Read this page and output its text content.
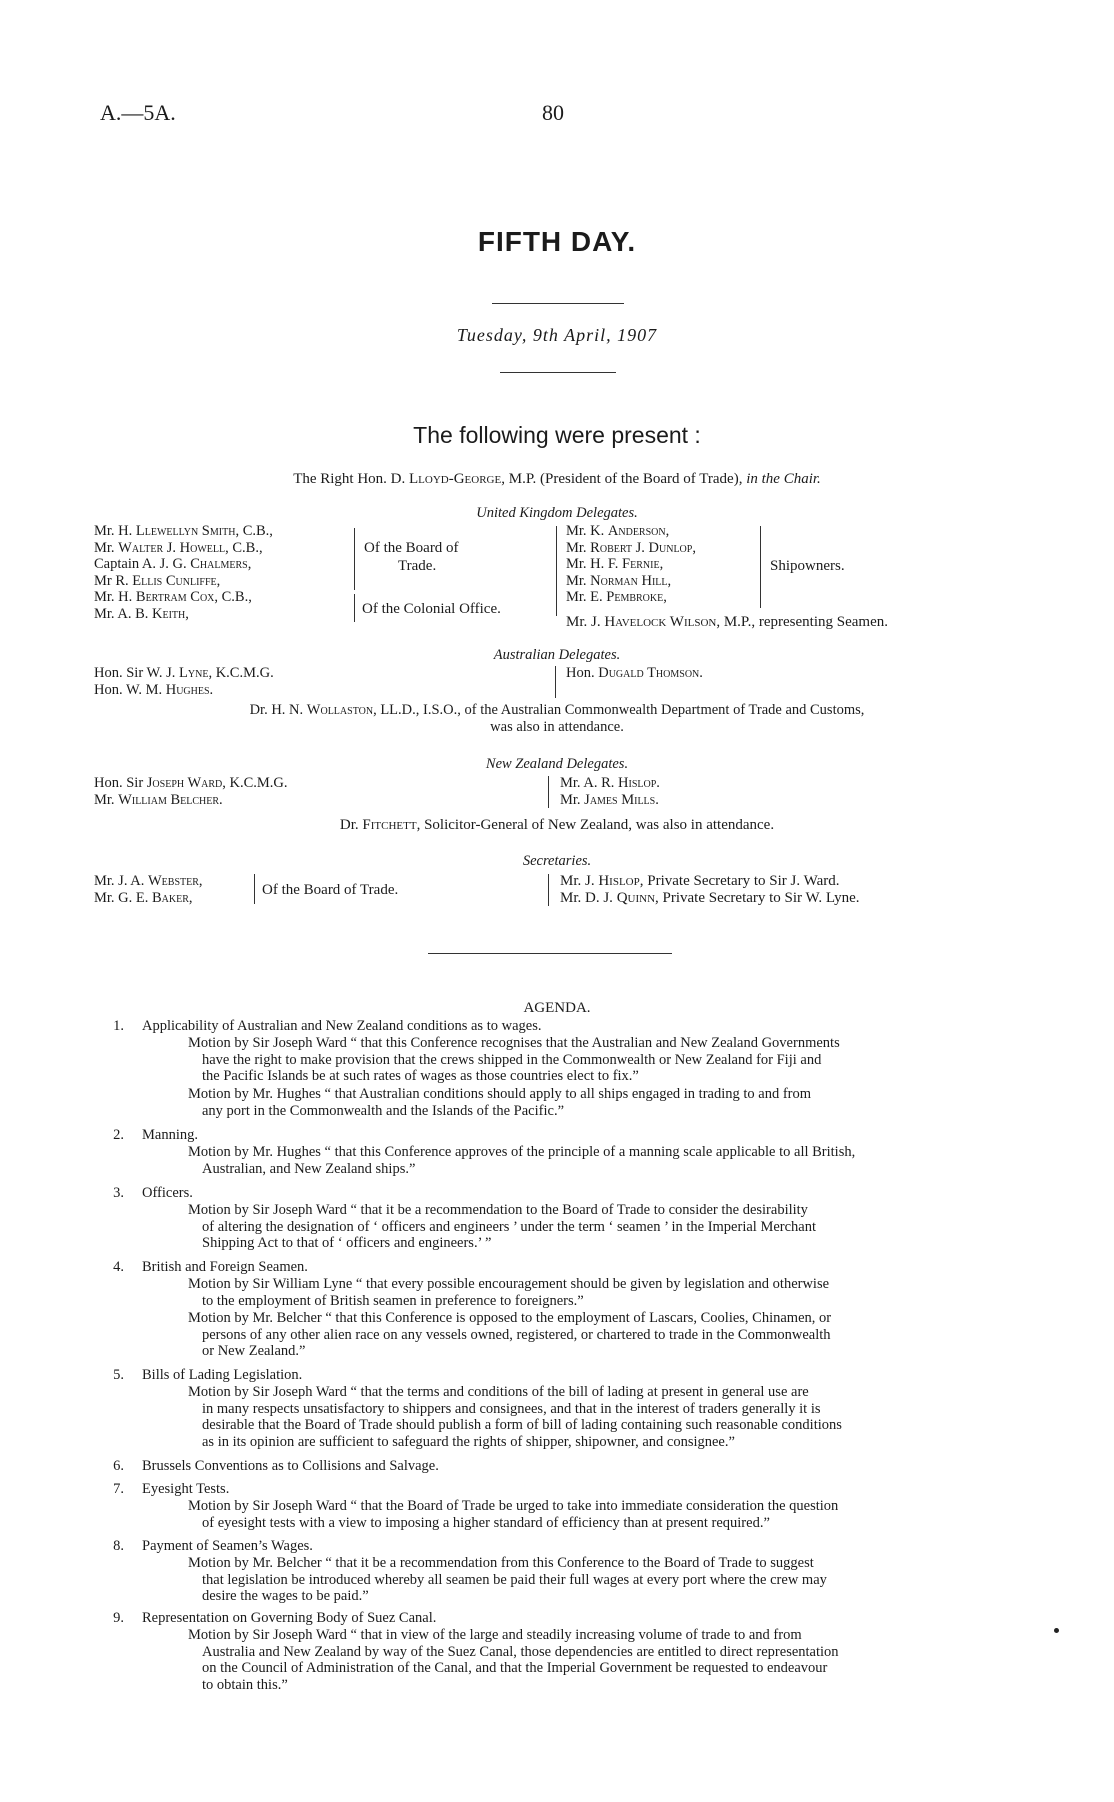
A.—5A.	80
FIFTH DAY.
Tuesday, 9th April, 1907
The following were present :
The Right Hon. D. Lloyd-George, M.P. (President of the Board of Trade), in the Chair.
United Kingdom Delegates.
Mr. H. Llewellyn Smith, C.B.,
Mr. Walter J. Howell, C.B.,
Captain A. J. G. Chalmers,
Mr R. Ellis Cunliffe,
Mr. H. Bertram Cox, C.B.,
Mr. A. B. Keith,
Of the Board of
Trade.
Of the Colonial Office.
Mr. K. Anderson,
Mr. Robert J. Dunlop,
Mr. H. F. Fernie,
Mr. Norman Hill,
Mr. E. Pembroke,
Shipowners.
Mr. J. Havelock Wilson, M.P., representing Seamen.
Australian Delegates.
Hon. Sir W. J. Lyne, K.C.M.G.
Hon. W. M. Hughes.
Hon. Dugald Thomson.
Dr. H. N. Wollaston, LL.D., I.S.O., of the Australian Commonwealth Department of Trade and Customs,
was also in attendance.
New Zealand Delegates.
Hon. Sir Joseph Ward, K.C.M.G.
Mr. William Belcher.
Mr. A. R. Hislop.
Mr. James Mills.
Dr. Fitchett, Solicitor-General of New Zealand, was also in attendance.
Secretaries.
Mr. J. A. Webster,
Mr. G. E. Baker,	Of the Board of Trade.
Mr. J. Hislop, Private Secretary to Sir J. Ward.
Mr. D. J. Quinn, Private Secretary to Sir W. Lyne.
AGENDA.
1. Applicability of Australian and New Zealand conditions as to wages.
Motion by Sir Joseph Ward “ that this Conference recognises that the Australian and New Zealand Governments
have the right to make provision that the crews shipped in the Commonwealth or New Zealand for Fiji and
the Pacific Islands be at such rates of wages as those countries elect to fix.”
Motion by Mr. Hughes “ that Australian conditions should apply to all ships engaged in trading to and from
any port in the Commonwealth and the Islands of the Pacific.”
2. Manning.
Motion by Mr. Hughes “ that this Conference approves of the principle of a manning scale applicable to all British,
Australian, and New Zealand ships.”
3. Officers.
Motion by Sir Joseph Ward “ that it be a recommendation to the Board of Trade to consider the desirability
of altering the designation of ‘ officers and engineers ’ under the term ‘ seamen ’ in the Imperial Merchant
Shipping Act to that of ‘ officers and engineers.’ ”
4. British and Foreign Seamen.
Motion by Sir William Lyne “ that every possible encouragement should be given by legislation and otherwise
to the employment of British seamen in preference to foreigners.”
Motion by Mr. Belcher “ that this Conference is opposed to the employment of Lascars, Coolies, Chinamen, or
persons of any other alien race on any vessels owned, registered, or chartered to trade in the Commonwealth
or New Zealand.”
5. Bills of Lading Legislation.
Motion by Sir Joseph Ward “ that the terms and conditions of the bill of lading at present in general use are
in many respects unsatisfactory to shippers and consignees, and that in the interest of traders generally it is
desirable that the Board of Trade should publish a form of bill of lading containing such reasonable conditions
as in its opinion are sufficient to safeguard the rights of shipper, shipowner, and consignee.”
6. Brussels Conventions as to Collisions and Salvage.
7. Eyesight Tests.
Motion by Sir Joseph Ward “ that the Board of Trade be urged to take into immediate consideration the question
of eyesight tests with a view to imposing a higher standard of efficiency than at present required.”
8. Payment of Seamen’s Wages.
Motion by Mr. Belcher “ that it be a recommendation from this Conference to the Board of Trade to suggest
that legislation be introduced whereby all seamen be paid their full wages at every port where the crew may
desire the wages to be paid.”
9. Representation on Governing Body of Suez Canal.
Motion by Sir Joseph Ward “ that in view of the large and steadily increasing volume of trade to and from
Australia and New Zealand by way of the Suez Canal, those dependencies are entitled to direct representation
on the Council of Administration of the Canal, and that the Imperial Government be requested to endeavour
to obtain this.”
